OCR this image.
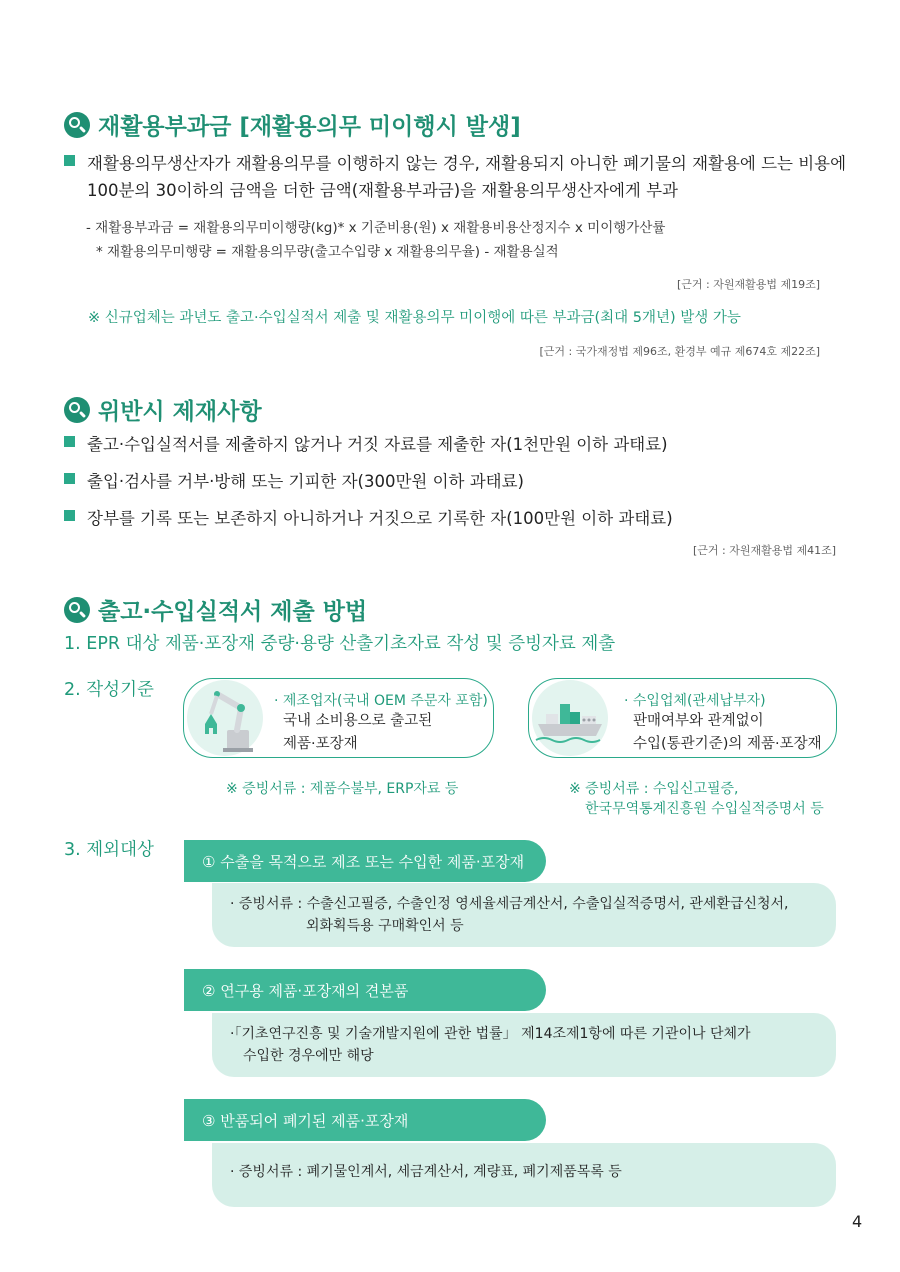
재활용부과금 [재활용의무 미이행시 발생]
재활용의무생산자가 재활용의무를 이행하지 않는 경우, 재활용되지 아니한 폐기물의 재활용에 드는 비용에
100분의 30이하의 금액을 더한 금액(재활용부과금)을 재활용의무생산자에게 부과
- 재활용부과금 = 재활용의무미이행량(kg)* x 기준비용(원) x 재활용비용산정지수 x 미이행가산률
* 재활용의무미행량 = 재활용의무량(출고수입량 x 재활용의무율) - 재활용실적
[근거 : 자원재활용법 제19조]
※ 신규업체는 과년도 출고·수입실적서 제출 및 재활용의무 미이행에 따른 부과금(최대 5개년) 발생 가능
[근거 : 국가재정법 제96조, 환경부 예규 제674호 제22조]
위반시 제재사항
출고·수입실적서를 제출하지 않거나 거짓 자료를 제출한 자(1천만원 이하 과태료)
출입·검사를 거부·방해 또는 기피한 자(300만원 이하 과태료)
장부를 기록 또는 보존하지 아니하거나 거짓으로 기록한 자(100만원 이하 과태료)
[근거 : 자원재활용법 제41조]
출고·수입실적서 제출 방법
1. EPR 대상 제품·포장재 중량·용량 산출기초자료 작성 및 증빙자료 제출
2. 작성기준
· 제조업자(국내 OEM 주문자 포함)
국내 소비용으로 출고된
제품·포장재
※ 증빙서류 : 제품수불부, ERP자료 등
· 수입업체(관세납부자)
판매여부와 관계없이
수입(통관기준)의 제품·포장재
※ 증빙서류 : 수입신고필증,
한국무역통계진흥원 수입실적증명서 등
3. 제외대상
· 증빙서류 : 수출신고필증, 수출인정 영세율세금계산서, 수출입실적증명서, 관세환급신청서,
외화획득용 구매확인서 등
① 수출을 목적으로 제조 또는 수입한 제품·포장재
·「기초연구진흥 및 기술개발지원에 관한 법률」 제14조제1항에 따른 기관이나 단체가
수입한 경우에만 해당
② 연구용 제품·포장재의 견본품
· 증빙서류 : 폐기물인계서, 세금계산서, 계량표, 폐기제품목록 등
③ 반품되어 폐기된 제품·포장재
4
